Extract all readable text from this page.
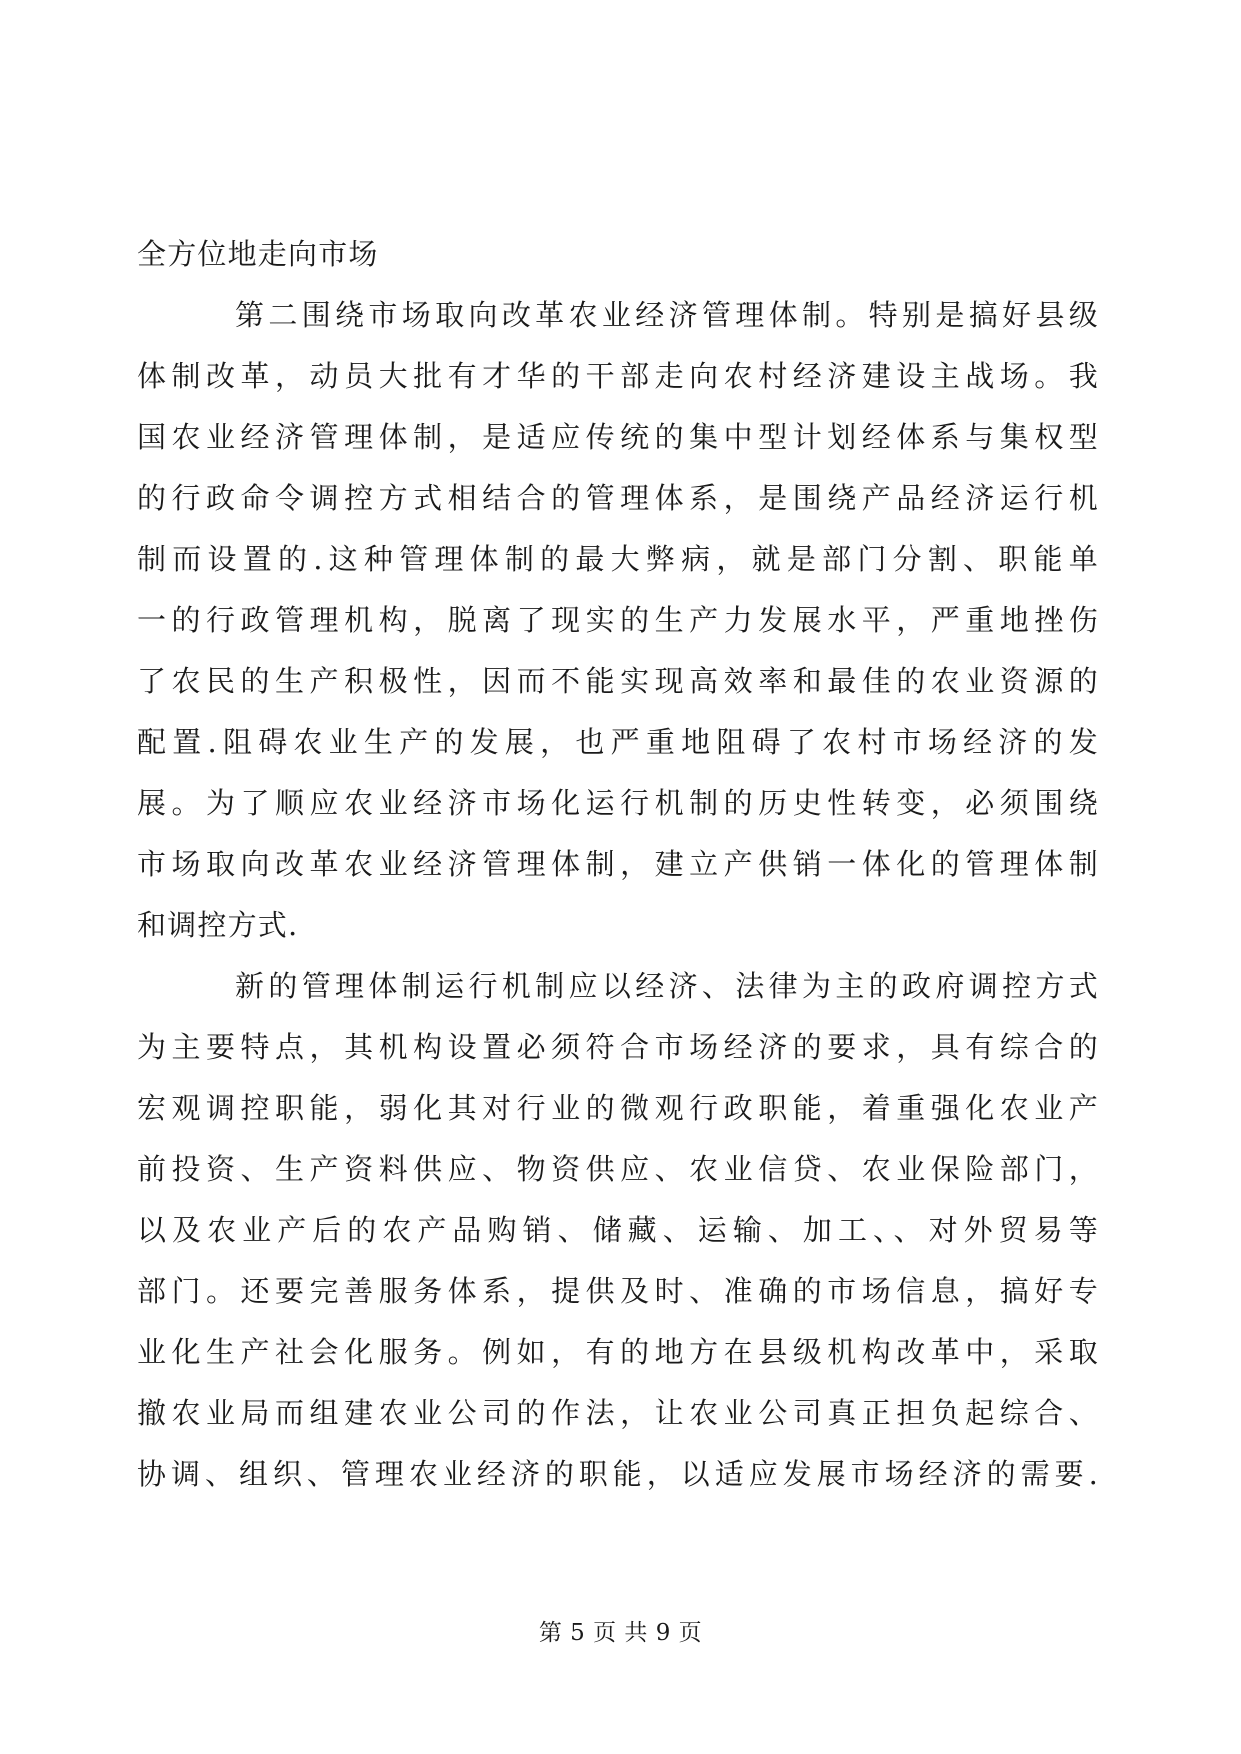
全方位地走向市场
第二围绕市场取向改革农业经济管理体制。特别是搞好县级
体制改革，动员大批有才华的干部走向农村经济建设主战场。我
国农业经济管理体制，是适应传统的集中型计划经体系与集权型
的行政命令调控方式相结合的管理体系，是围绕产品经济运行机
制而设置的.这种管理体制的最大弊病，就是部门分割、职能单
一的行政管理机构，脱离了现实的生产力发展水平，严重地挫伤
了农民的生产积极性，因而不能实现高效率和最佳的农业资源的
配置.阻碍农业生产的发展，也严重地阻碍了农村市场经济的发
展。为了顺应农业经济市场化运行机制的历史性转变，必须围绕
市场取向改革农业经济管理体制，建立产供销一体化的管理体制
和调控方式.
新的管理体制运行机制应以经济、法律为主的政府调控方式
为主要特点，其机构设置必须符合市场经济的要求，具有综合的
宏观调控职能，弱化其对行业的微观行政职能，着重强化农业产
前投资、生产资料供应、物资供应、农业信贷、农业保险部门，
以及农业产后的农产品购销、储藏、运输、加工、、对外贸易等
部门。还要完善服务体系，提供及时、准确的市场信息，搞好专
业化生产社会化服务。例如，有的地方在县级机构改革中，采取
撤农业局而组建农业公司的作法，让农业公司真正担负起综合、
协调、组织、管理农业经济的职能，以适应发展市场经济的需要.
第 5 页 共 9 页
